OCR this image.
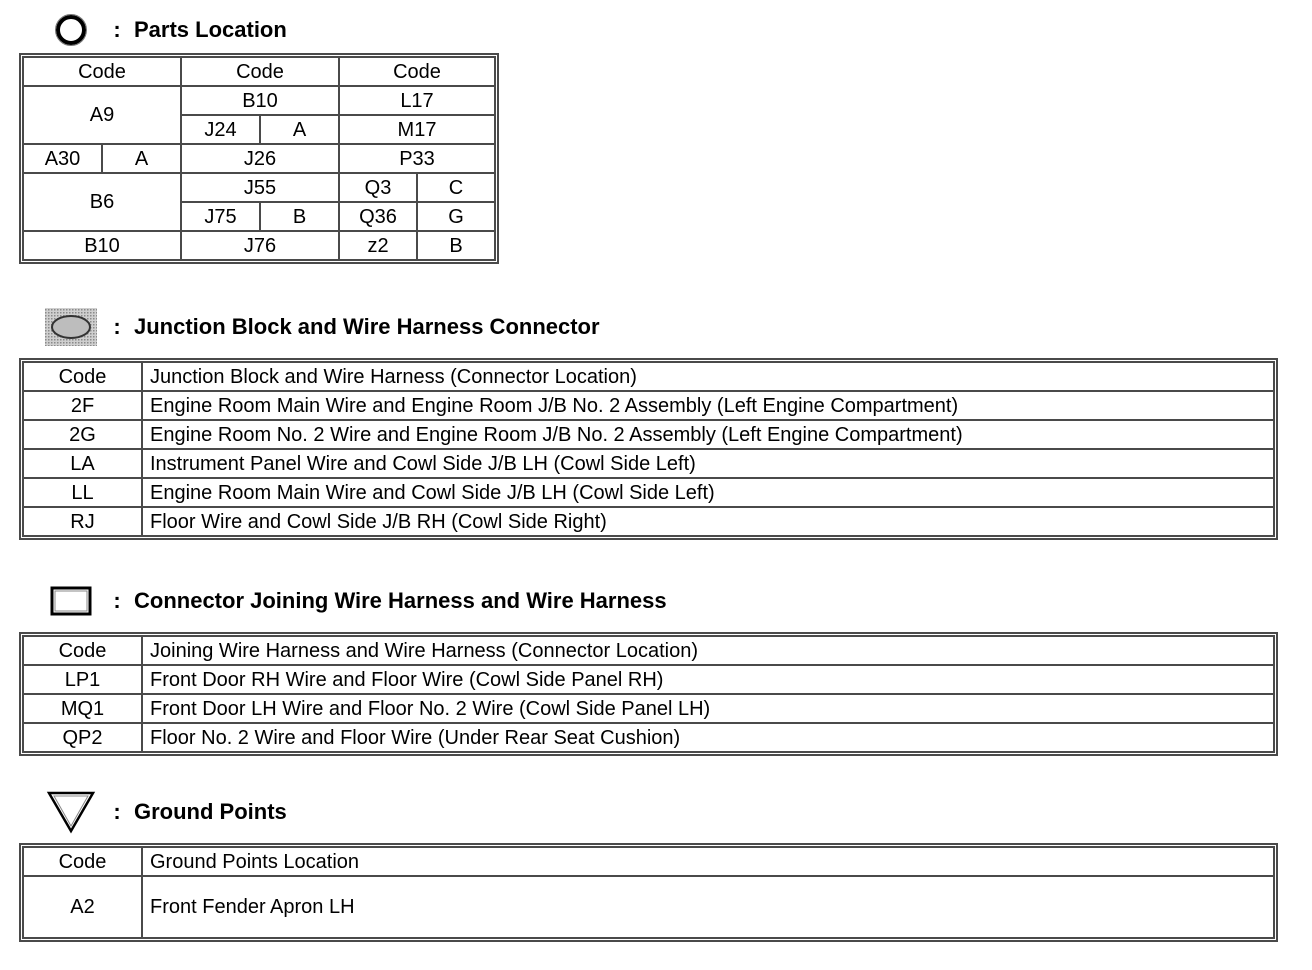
: Parts Location
Code		Code		Code	
A9		B10		L17	
		J24	A	M17	
A30	A	J26		P33	
B6		J55		Q3	C
		J75	B	Q36	G
B10		J76		z2	B
: Junction Block and Wire Harness Connector
Code	Junction Block and Wire Harness (Connector Location)
2F	Engine Room Main Wire and Engine Room J/B No. 2 Assembly (Left Engine Compartment)
2G	Engine Room No. 2 Wire and Engine Room J/B No. 2 Assembly (Left Engine Compartment)
LA	Instrument Panel Wire and Cowl Side J/B LH (Cowl Side Left)
LL	Engine Room Main Wire and Cowl Side J/B LH (Cowl Side Left)
RJ	Floor Wire and Cowl Side J/B RH (Cowl Side Right)
: Connector Joining Wire Harness and Wire Harness
Code	Joining Wire Harness and Wire Harness (Connector Location)
LP1	Front Door RH Wire and Floor Wire (Cowl Side Panel RH)
MQ1	Front Door LH Wire and Floor No. 2 Wire (Cowl Side Panel LH)
QP2	Floor No. 2 Wire and Floor Wire (Under Rear Seat Cushion)
: Ground Points
Code	Ground Points Location
A2	Front Fender Apron LH
